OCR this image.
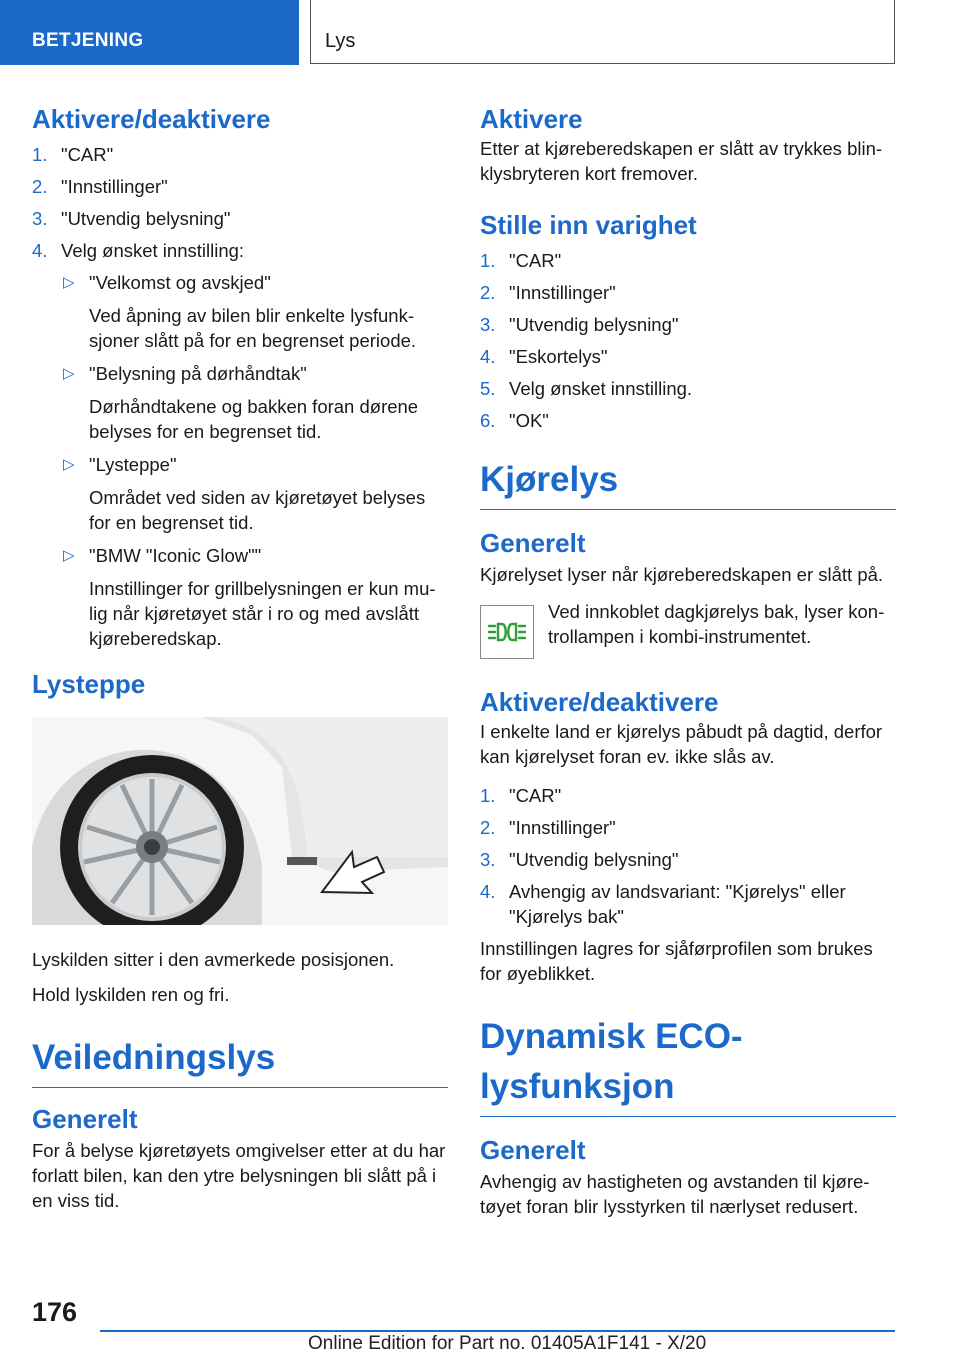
BETJENING	Lys
Aktivere/deaktivere
1. "CAR"
2. "Innstillinger"
3. "Utvendig belysning"
4. Velg ønsket innstilling:
▷ "Velkomst og avskjed"
Ved åpning av bilen blir enkelte lysfunk-sjoner slått på for en begrenset periode.
▷ "Belysning på dørhåndtak"
Dørhåndtakene og bakken foran dørene belyses for en begrenset tid.
▷ "Lysteppe"
Området ved siden av kjøretøyet belyses for en begrenset tid.
▷ "BMW "Iconic Glow""
Innstillinger for grillbelysningen er kun mu-lig når kjøretøyet står i ro og med avslått kjøreberedskap.
Lysteppe

Lyskilden sitter i den avmerkede posisjonen.

Hold lyskilden ren og fri.

Veiledningslys
Generelt

For å belyse kjøretøyets omgivelser etter at du har forlatt bilen, kan den ytre belysningen bli slått på i en viss tid.

Aktivere

Etter at kjøreberedskapen er slått av trykkes blin-klysbryteren kort fremover.

Stille inn varighet
1. "CAR"
2. "Innstillinger"
3. "Utvendig belysning"
4. "Eskortelys"
5. Velg ønsket innstilling.
6. "OK"
Kjørelys
Generelt

Kjørelyset lyser når kjøreberedskapen er slått på.

Ved innkoblet dagkjørelys bak, lyser kon-trollampen i kombi-instrumentet.

Aktivere/deaktivere

I enkelte land er kjørelys påbudt på dagtid, derfor kan kjørelyset foran ev. ikke slås av.

1. "CAR"
2. "Innstillinger"
3. "Utvendig belysning"
4. Avhengig av landsvariant: "Kjørelys" eller "Kjørelys bak"

Innstillingen lagres for sjåførprofilen som brukes for øyeblikket.

Dynamisk ECO-lysfunksjon
Generelt

Avhengig av hastigheten og avstanden til kjøre-tøyet foran blir lysstyrken til nærlyset redusert.

176
Online Edition for Part no. 01405A1F141 - X/20
